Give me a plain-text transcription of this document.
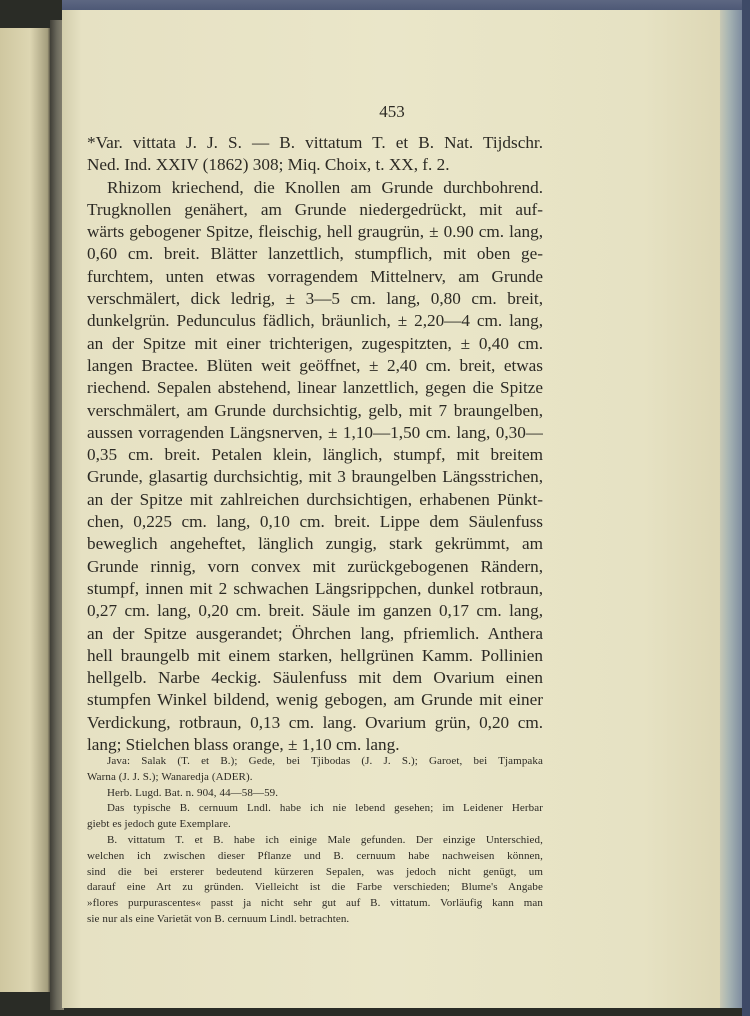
453
*Var. vittata J. J. S. — B. vittatum T. et B. Nat. Tijdschr.
Ned. Ind. XXIV (1862) 308; Miq. Choix, t. XX, f. 2.
Rhizom kriechend, die Knollen am Grunde durchbohrend.
Trugknollen genähert, am Grunde niedergedrückt, mit auf-
wärts gebogener Spitze, fleischig, hell graugrün, ± 0.90 cm. lang,
0,60 cm. breit. Blätter lanzettlich, stumpflich, mit oben ge-
furchtem, unten etwas vorragendem Mittelnerv, am Grunde
verschmälert, dick ledrig, ± 3—5 cm. lang, 0,80 cm. breit,
dunkelgrün. Pedunculus fädlich, bräunlich, ± 2,20—4 cm. lang,
an der Spitze mit einer trichterigen, zugespitzten, ± 0,40 cm.
langen Bractee. Blüten weit geöffnet, ± 2,40 cm. breit, etwas
riechend. Sepalen abstehend, linear lanzettlich, gegen die Spitze
verschmälert, am Grunde durchsichtig, gelb, mit 7 braungelben,
aussen vorragenden Längsnerven, ± 1,10—1,50 cm. lang, 0,30—
0,35 cm. breit. Petalen klein, länglich, stumpf, mit breitem
Grunde, glasartig durchsichtig, mit 3 braungelben Längsstrichen,
an der Spitze mit zahlreichen durchsichtigen, erhabenen Pünkt-
chen, 0,225 cm. lang, 0,10 cm. breit. Lippe dem Säulenfuss
beweglich angeheftet, länglich zungig, stark gekrümmt, am
Grunde rinnig, vorn convex mit zurückgebogenen Rändern,
stumpf, innen mit 2 schwachen Längsrippchen, dunkel rotbraun,
0,27 cm. lang, 0,20 cm. breit. Säule im ganzen 0,17 cm. lang,
an der Spitze ausgerandet; Öhrchen lang, pfriemlich. Anthera
hell braungelb mit einem starken, hellgrünen Kamm. Pollinien
hellgelb. Narbe 4eckig. Säulenfuss mit dem Ovarium einen
stumpfen Winkel bildend, wenig gebogen, am Grunde mit einer
Verdickung, rotbraun, 0,13 cm. lang. Ovarium grün, 0,20 cm.
lang; Stielchen blass orange, ± 1,10 cm. lang.
Java: Salak (T. et B.); Gede, bei Tjibodas (J. J. S.); Garoet, bei Tjampaka
Warna (J. J. S.); Wanaredja (ADER).
Herb. Lugd. Bat. n. 904, 44—58—59.
Das typische B. cernuum Lndl. habe ich nie lebend gesehen; im Leidener Herbar
giebt es jedoch gute Exemplare.
B. vittatum T. et B. habe ich einige Male gefunden. Der einzige Unterschied,
welchen ich zwischen dieser Pflanze und B. cernuum habe nachweisen können,
sind die bei ersterer bedeutend kürzeren Sepalen, was jedoch nicht genügt, um
darauf eine Art zu gründen. Vielleicht ist die Farbe verschieden; Blume's Angabe
»flores purpurascentes« passt ja nicht sehr gut auf B. vittatum. Vorläufig kann man
sie nur als eine Varietät von B. cernuum Lindl. betrachten.
